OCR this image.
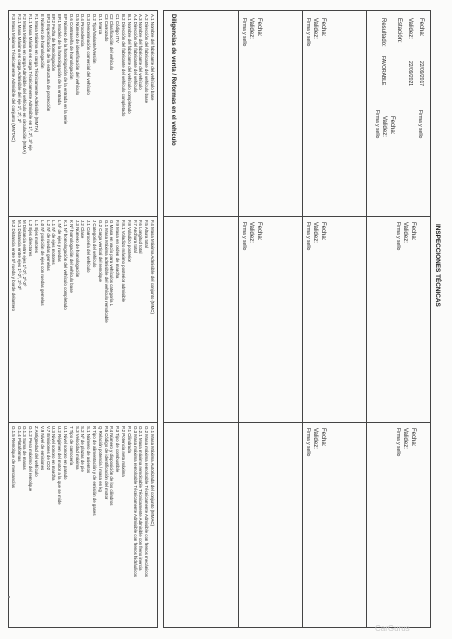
INSPECCIONES TÉCNICAS
Fecha:
22/09/2017
Validez:
22/09/2021
Estación:
Resultado:
FAVORABLE
Firma y sello
Fecha:
Validez:
Firma y sello
Fecha:
Validez:
Firma y sello
Fecha:
Validez:
Firma y sello
Fecha:
Validez:
Firma y sello
Fecha:
Validez:
Firma y sello
Fecha:
Validez:
Firma y sello
Fecha:
Validez:
Firma y sello
Fecha:
Validez:
Firma y sello
Diligencias de venta / Reformas en el vehículo
A.1 Nombre del fabricante del vehículo base
A.2 Dirección del fabricante del vehículo base
A.3 Nombre del fabricante del vehículo
A.4 Dirección del fabricante del vehículo
B.1 Nombre del fabricante del vehículo completado
B.2 Dirección del fabricante del vehículo completado
C1 Código ITV
C2 Clasificación del vehículo
C3 Carrozado
D.1 Marca
D.2 Tipo/Variante/Versión
D.3 Denominación comercial del vehículo
D.4 Procedencia
D.5 Número de identificación del vehículo
D.6 Contraseña de homologación
EP Número de la homologación de la entrada en la serie
EP.1 Modelo de la homologación de la entrada
EP.2 Fecha de homologación
EP.3 Especificación de la estructura de protección
E Número de homologación
F.1 Masa Máxima en carga Técnicamente Admisible (MMTA)
F.1.1 Masa Máxima en carga Técnicamente Admisible en 1º, 2º, 3º eje
F.2 Masa Máxima en carga Admisible del vehículo en circulación (MMA)
F.2.1 Masa Máxima en carga Admisible del eje 1º, 2º, 3º
F.3 Masa Máxima Técnicamente Admisible del conjunto (MMTAC)
F.4 Masa Máxima Admisible del conjunto (MMC)
F.5 Altura total
F.6 Longitud total
F.7 Anchura total
F.8 Voladizo posterior
F.8.1 Voladizo máximo posterior admisible
F.9 Masa en orden de marcha
G Masa en vacío para vehículos categoría L
G.1 Masa Máxima admisible del vehículo remolcable
G.2 Carga vertical del remolque
J Categoría del vehículo
J.1 Carrocería del vehículo
J.2 Clase
J.3 Número de homologación
K Nº homologación del vehículo base
K.1 Nº homologación del vehículo completado
L Nº de ejes y ruedas
L.1 Nº de ejes motores
L.2 Nº de ruedas gemelas
L.0 Nº posición de ejes con ruedas gemelas
L.1 Ejes motores
L.2 Ejes directores
M Distancia entre ejes 1º-2º, 2º-3º
M.1 Distancia entre ejes 1º-2º, 2º-3º
M.2 Distancia entre 5ª rueda y borde delantero
O.1 Masa Máxima Autorizada del conjunto (MMAC)
O.2 Masa máxima remolcable Técnicamente Admisible con frenos mecánicos
O.2.1 Masa máxima remolcable Técnicamente Admisible con freno inercia
O.3 Masa máxima remolcable Técnicamente Admisible con frenos hidráulicos
P.1 Cilindrada
P.2 Potencia neta máxima
P.3 Tipo de combustible
P.4 Número y disposición de los cilindros
P.5 Código de identificación del motor
Q Relación potencia / masa en kg
R Tipo de alimentación y de emisión de gases
S.1 Número de asientos
S.2 Nº de plazas de pie
S.3 Velocidad máxima
T Tipo de carrocería
U.1 Nivel sonoro en parado
U.2 Régimen del motor a la que se mide
U.3 Nivel sonoro en marcha
V.7 Emisiones de CO2
V.9 Nivel de emisiones
Z Antigüedad del vehículo
O.1.2 Peso máximo del remolque
O.1.3 Suma de masas
O.1.4 Plataformas
O.1.5 Remolque de mercancías
CarGurus
